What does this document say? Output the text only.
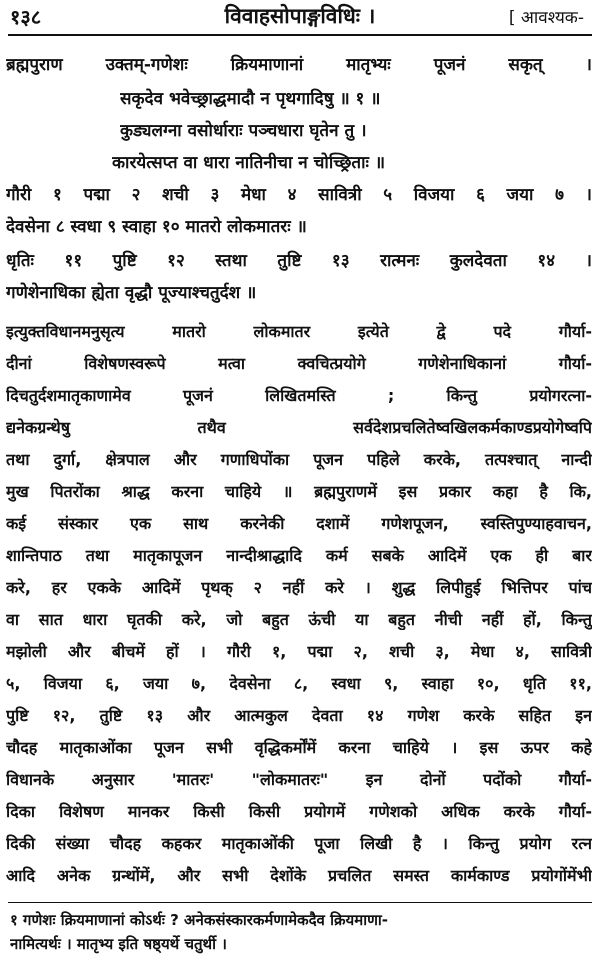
१३८	विवाहसोपाङ्गविधिः ।	[ आवश्यक-
ब्रह्मपुराण उक्तम्-गणेशः क्रियमाणानां मातृभ्यः पूजनं सकृत् ।
सकृदेव भवेच्छ्राद्धमादौ न पृथगादिषु ॥ १ ॥
कुड्यलग्ना वसोर्धाराः पञ्चधारा घृतेन तु ।
कारयेत्सप्त वा धारा नातिनीचा न चोच्छ्रिताः ॥
गौरी १ पद्मा २ शची ३ मेधा ४ सावित्री ५ विजया ६ जया ७ ।
देवसेना ८ स्वधा ९ स्वाहा १० मातरो लोकमातरः ॥
धृतिः ११ पुष्टि १२ स्तथा तुष्टि १३ रात्मनः कुलदेवता १४ ।
गणेशेनाधिका ह्येता वृद्धौ पूज्याश्चतुर्दश ॥
इत्युक्तविधानमनुसृत्य मातरो लोकमातर इत्येते द्वे पदे गौर्या-
दीनां विशेषणस्वरूपे मत्वा क्वचित्प्रयोगे गणेशेनाधिकानां गौर्या-
दिचतुर्दशमातृकाणामेव पूजनं लिखितमस्ति ; किन्तु प्रयोगरत्ना-
द्यनेकग्रन्थेषु तथैव सर्वदेशप्रचलितेष्वखिलकर्मकाण्डप्रयोगेष्वपि
तथा दुर्गा, क्षेत्रपाल और गणाधिपोंका पूजन पहिले करके, तत्पश्चात् नान्दी
मुख पितरोंका श्राद्ध करना चाहिये ॥ ब्रह्मपुराणमें इस प्रकार कहा है कि,
कई संस्कार एक साथ करनेकी दशामें गणेशपूजन, स्वस्तिपुण्याहवाचन,
शान्तिपाठ तथा मातृकापूजन नान्दीश्राद्धादि कर्म सबके आदिमें एक ही बार
करे, हर एकके आदिमें पृथक् २ नहीं करे । शुद्ध लिपीहुई भित्तिपर पांच
वा सात धारा घृतकी करे, जो बहुत ऊंची या बहुत नीची नहीं हों, किन्तु
मझोली और बीचमें हों । गौरी १, पद्मा २, शची ३, मेधा ४, सावित्री
५, विजया ६, जया ७, देवसेना ८, स्वधा ९, स्वाहा १०, धृति ११,
पुष्टि १२, तुष्टि १३ और आत्मकुल देवता १४ गणेश करके सहित इन
चौदह मातृकाओंका पूजन सभी वृद्धिकर्मोंमें करना चाहिये । इस ऊपर कहे
विधानके अनुसार 'मातरः' "लोकमातरः" इन दोनों पदोंको गौर्या-
दिका विशेषण मानकर किसी किसी प्रयोगमें गणेशको अधिक करके गौर्या-
दिकी संख्या चौदह कहकर मातृकाओंकी पूजा लिखी है । किन्तु प्रयोग रत्न
आदि अनेक ग्रन्थोंमें, और सभी देशोंके प्रचलित समस्त कार्मकाण्ड प्रयोगोंमेंभी
१ गणेशः क्रियमाणानां कोऽर्थः ? अनेकसंस्कारकर्मणामेकदैव क्रियमाणा-
नामित्यर्थः । मातृभ्य इति षष्ठ्यर्थे चतुर्थी ।
